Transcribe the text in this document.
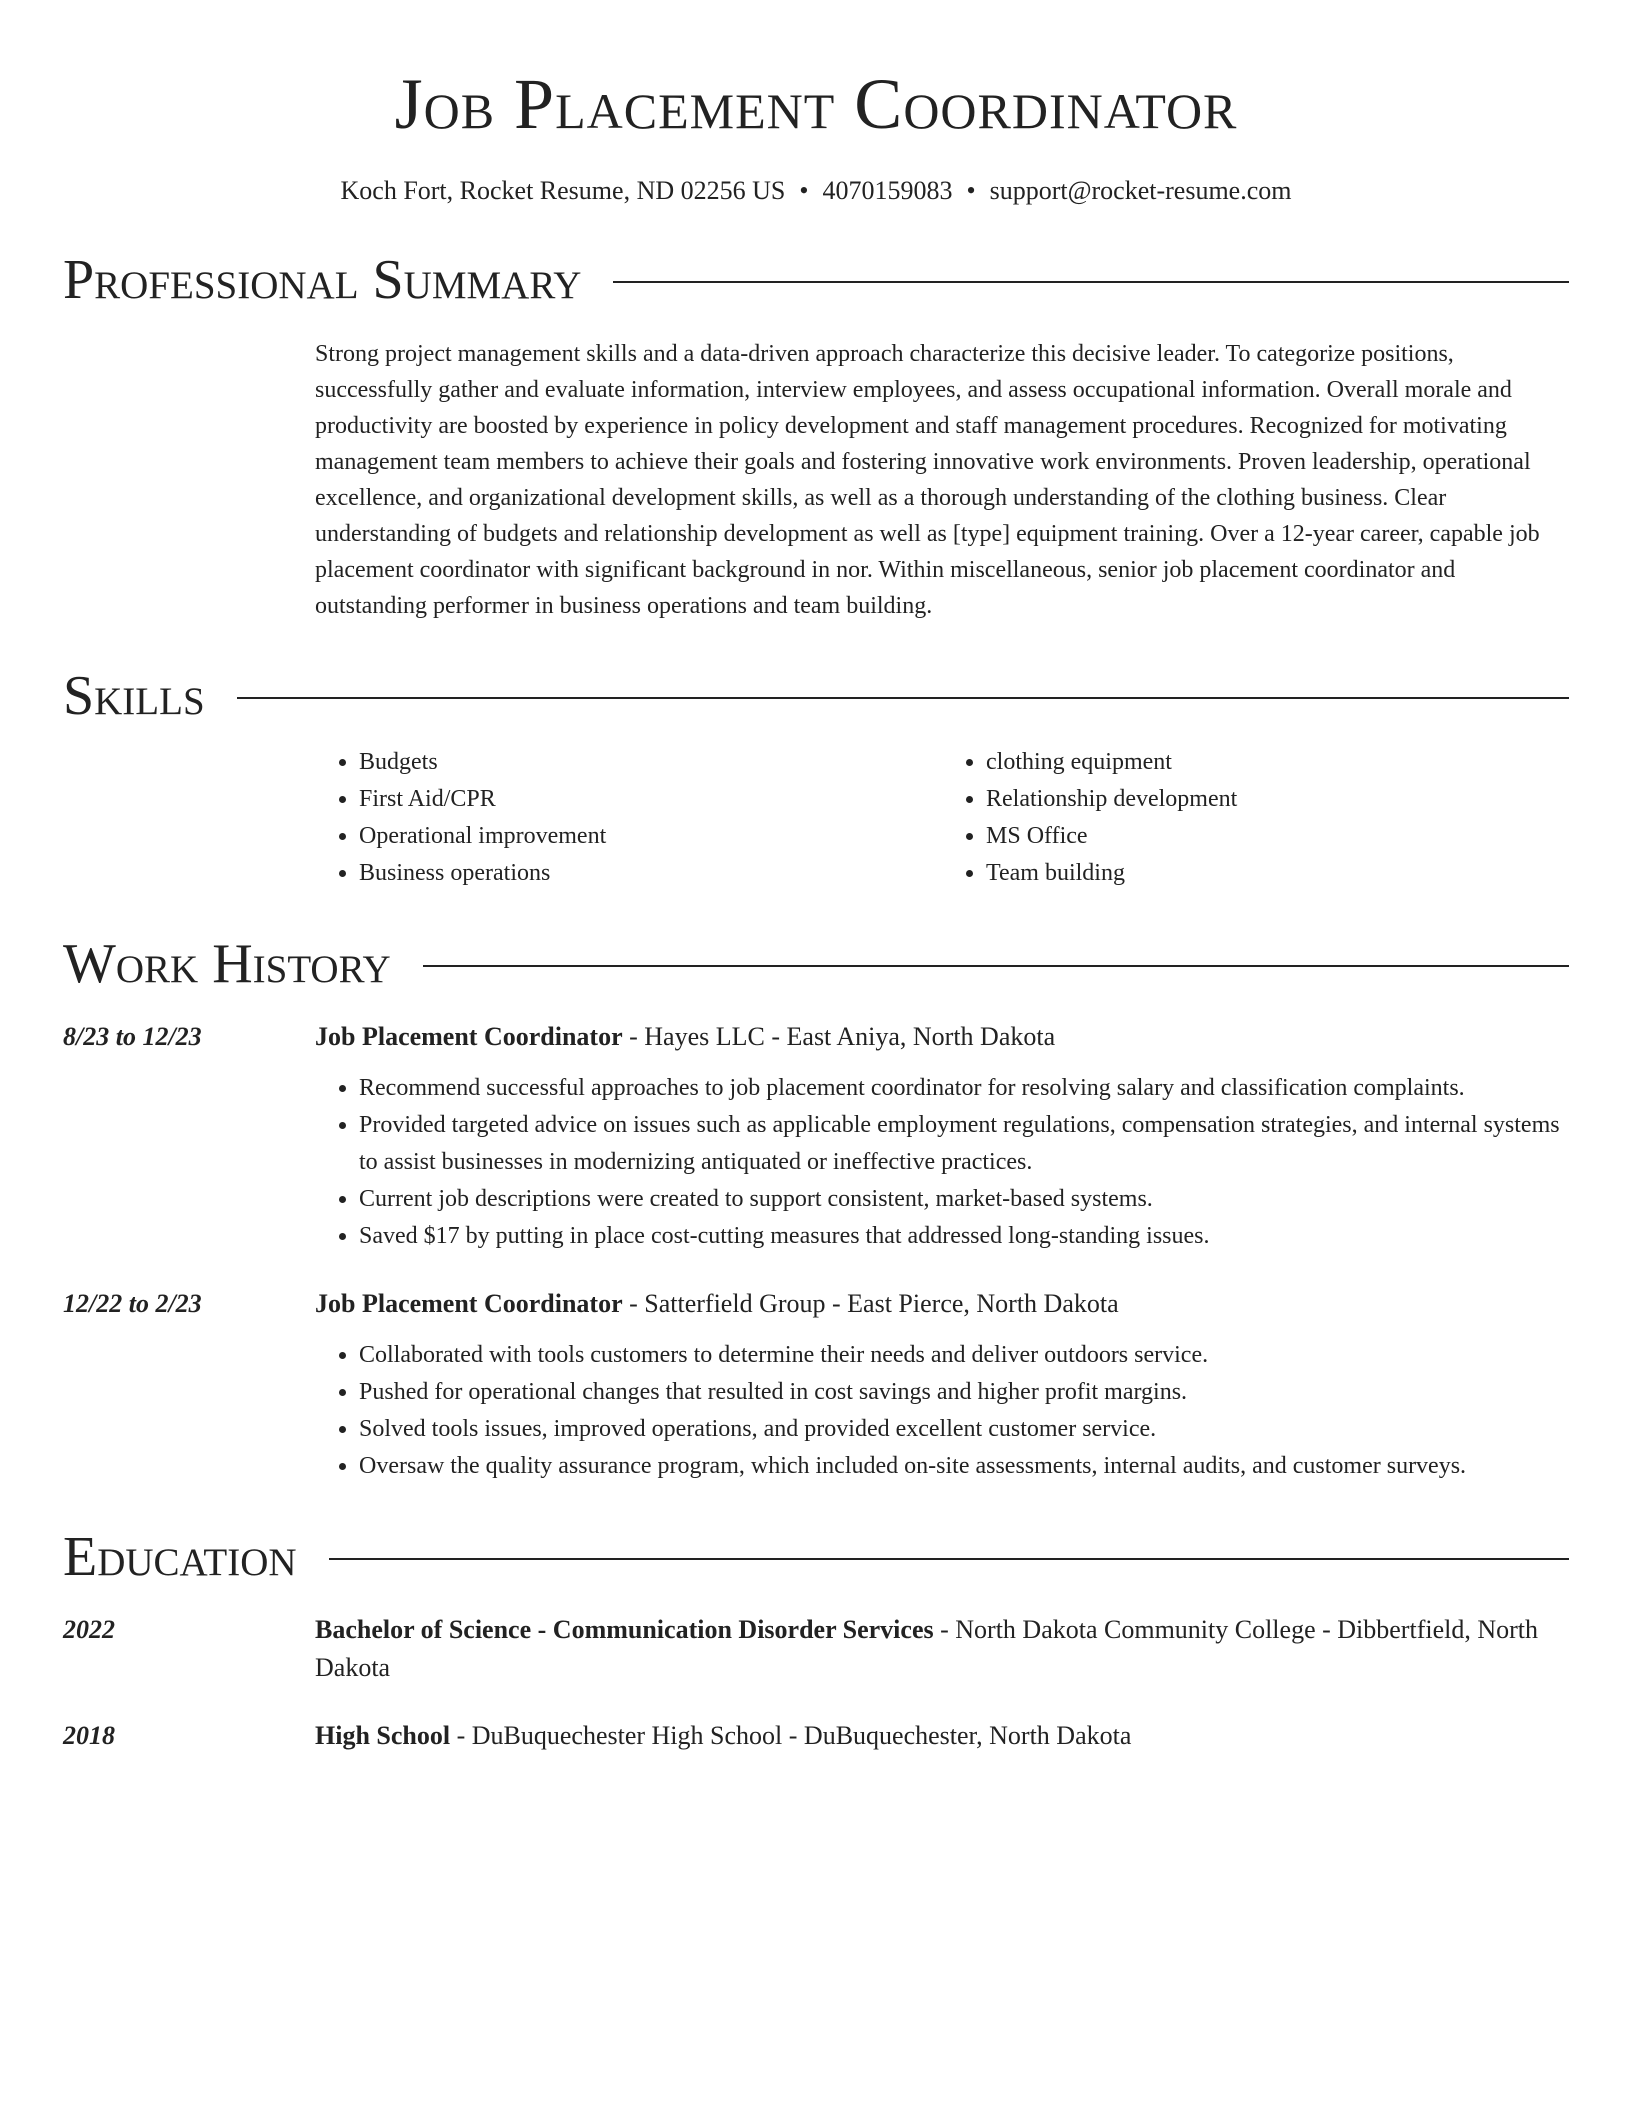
Job Placement Coordinator
Koch Fort, Rocket Resume, ND 02256 US • 4070159083 • support@rocket-resume.com
Professional Summary
Strong project management skills and a data-driven approach characterize this decisive leader. To categorize positions, successfully gather and evaluate information, interview employees, and assess occupational information. Overall morale and productivity are boosted by experience in policy development and staff management procedures. Recognized for motivating management team members to achieve their goals and fostering innovative work environments. Proven leadership, operational excellence, and organizational development skills, as well as a thorough understanding of the clothing business. Clear understanding of budgets and relationship development as well as [type] equipment training. Over a 12-year career, capable job placement coordinator with significant background in nor. Within miscellaneous, senior job placement coordinator and outstanding performer in business operations and team building.
Skills
• Budgets
• First Aid/CPR
• Operational improvement
• Business operations
• clothing equipment
• Relationship development
• MS Office
• Team building
Work History
8/23 to 12/23	Job Placement Coordinator - Hayes LLC - East Aniya, North Dakota
• Recommend successful approaches to job placement coordinator for resolving salary and classification complaints.
• Provided targeted advice on issues such as applicable employment regulations, compensation strategies, and internal systems to assist businesses in modernizing antiquated or ineffective practices.
• Current job descriptions were created to support consistent, market-based systems.
• Saved $17 by putting in place cost-cutting measures that addressed long-standing issues.
12/22 to 2/23	Job Placement Coordinator - Satterfield Group - East Pierce, North Dakota
• Collaborated with tools customers to determine their needs and deliver outdoors service.
• Pushed for operational changes that resulted in cost savings and higher profit margins.
• Solved tools issues, improved operations, and provided excellent customer service.
• Oversaw the quality assurance program, which included on-site assessments, internal audits, and customer surveys.
Education
2022	Bachelor of Science - Communication Disorder Services - North Dakota Community College - Dibbertfield, North Dakota
2018	High School - DuBuquechester High School - DuBuquechester, North Dakota
